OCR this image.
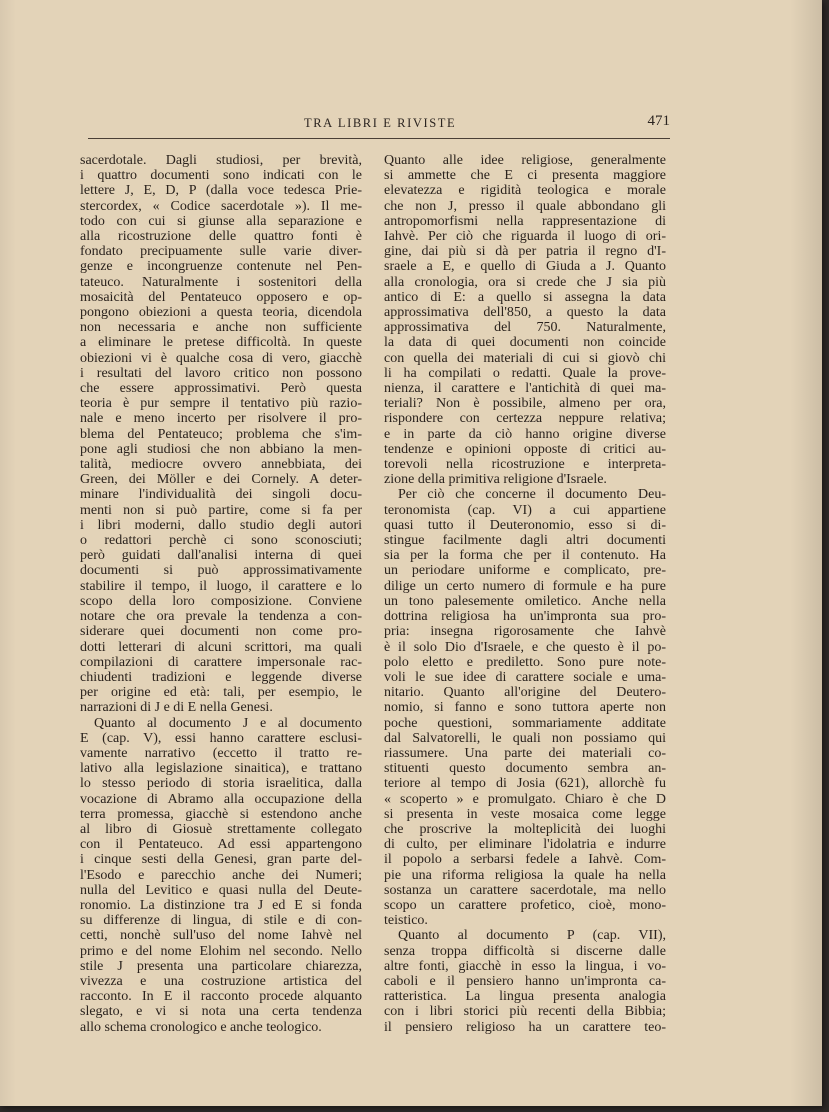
TRA LIBRI E RIVISTE	471
sacerdotale. Dagli studiosi, per brevità,
i quattro documenti sono indicati con le
lettere J, E, D, P (dalla voce tedesca Prie-
stercordex, « Codice sacerdotale »). Il me-
todo con cui si giunse alla separazione e
alla ricostruzione delle quattro fonti è
fondato precipuamente sulle varie diver-
genze e incongruenze contenute nel Pen-
tateuco. Naturalmente i sostenitori della
mosaicità del Pentateuco opposero e op-
pongono obiezioni a questa teoria, dicendola
non necessaria e anche non sufficiente
a eliminare le pretese difficoltà. In queste
obiezioni vi è qualche cosa di vero, giacchè
i resultati del lavoro critico non possono
che essere approssimativi. Però questa
teoria è pur sempre il tentativo più razio-
nale e meno incerto per risolvere il pro-
blema del Pentateuco; problema che s'im-
pone agli studiosi che non abbiano la men-
talità, mediocre ovvero annebbiata, dei
Green, dei Möller e dei Cornely. A deter-
minare l'individualità dei singoli docu-
menti non si può partire, come si fa per
i libri moderni, dallo studio degli autori
o redattori perchè ci sono sconosciuti;
però guidati dall'analisi interna di quei
documenti si può approssimativamente
stabilire il tempo, il luogo, il carattere e lo
scopo della loro composizione. Conviene
notare che ora prevale la tendenza a con-
siderare quei documenti non come pro-
dotti letterari di alcuni scrittori, ma quali
compilazioni di carattere impersonale rac-
chiudenti tradizioni e leggende diverse
per origine ed età: tali, per esempio, le
narrazioni di J e di E nella Genesi.
Quanto al documento J e al documento
E (cap. V), essi hanno carattere esclusi-
vamente narrativo (eccetto il tratto re-
lativo alla legislazione sinaitica), e trattano
lo stesso periodo di storia israelitica, dalla
vocazione di Abramo alla occupazione della
terra promessa, giacchè si estendono anche
al libro di Giosuè strettamente collegato
con il Pentateuco. Ad essi appartengono
i cinque sesti della Genesi, gran parte del-
l'Esodo e parecchio anche dei Numeri;
nulla del Levitico e quasi nulla del Deute-
ronomio. La distinzione tra J ed E si fonda
su differenze di lingua, di stile e di con-
cetti, nonchè sull'uso del nome Iahvè nel
primo e del nome Elohim nel secondo. Nello
stile J presenta una particolare chiarezza,
vivezza e una costruzione artistica del
racconto. In E il racconto procede alquanto
slegato, e vi si nota una certa tendenza
allo schema cronologico e anche teologico.
Quanto alle idee religiose, generalmente
si ammette che E ci presenta maggiore
elevatezza e rigidità teologica e morale
che non J, presso il quale abbondano gli
antropomorfismi nella rappresentazione di
Iahvè. Per ciò che riguarda il luogo di ori-
gine, dai più si dà per patria il regno d'I-
sraele a E, e quello di Giuda a J. Quanto
alla cronologia, ora si crede che J sia più
antico di E: a quello si assegna la data
approssimativa dell'850, a questo la data
approssimativa del 750. Naturalmente,
la data di quei documenti non coincide
con quella dei materiali di cui si giovò chi
li ha compilati o redatti. Quale la prove-
nienza, il carattere e l'antichità di quei ma-
teriali? Non è possibile, almeno per ora,
rispondere con certezza neppure relativa;
e in parte da ciò hanno origine diverse
tendenze e opinioni opposte di critici au-
torevoli nella ricostruzione e interpreta-
zione della primitiva religione d'Israele.
Per ciò che concerne il documento Deu-
teronomista (cap. VI) a cui appartiene
quasi tutto il Deuteronomio, esso si di-
stingue facilmente dagli altri documenti
sia per la forma che per il contenuto. Ha
un periodare uniforme e complicato, pre-
dilige un certo numero di formule e ha pure
un tono palesemente omiletico. Anche nella
dottrina religiosa ha un'impronta sua pro-
pria: insegna rigorosamente che Iahvè
è il solo Dio d'Israele, e che questo è il po-
polo eletto e prediletto. Sono pure note-
voli le sue idee di carattere sociale e uma-
nitario. Quanto all'origine del Deutero-
nomio, si fanno e sono tuttora aperte non
poche questioni, sommariamente additate
dal Salvatorelli, le quali non possiamo qui
riassumere. Una parte dei materiali co-
stituenti questo documento sembra an-
teriore al tempo di Josia (621), allorchè fu
« scoperto » e promulgato. Chiaro è che D
si presenta in veste mosaica come legge
che proscrive la molteplicità dei luoghi
di culto, per eliminare l'idolatria e indurre
il popolo a serbarsi fedele a Iahvè. Com-
pie una riforma religiosa la quale ha nella
sostanza un carattere sacerdotale, ma nello
scopo un carattere profetico, cioè, mono-
teistico.
Quanto al documento P (cap. VII),
senza troppa difficoltà si discerne dalle
altre fonti, giacchè in esso la lingua, i vo-
caboli e il pensiero hanno un'impronta ca-
ratteristica. La lingua presenta analogia
con i libri storici più recenti della Bibbia;
il pensiero religioso ha un carattere teo-
